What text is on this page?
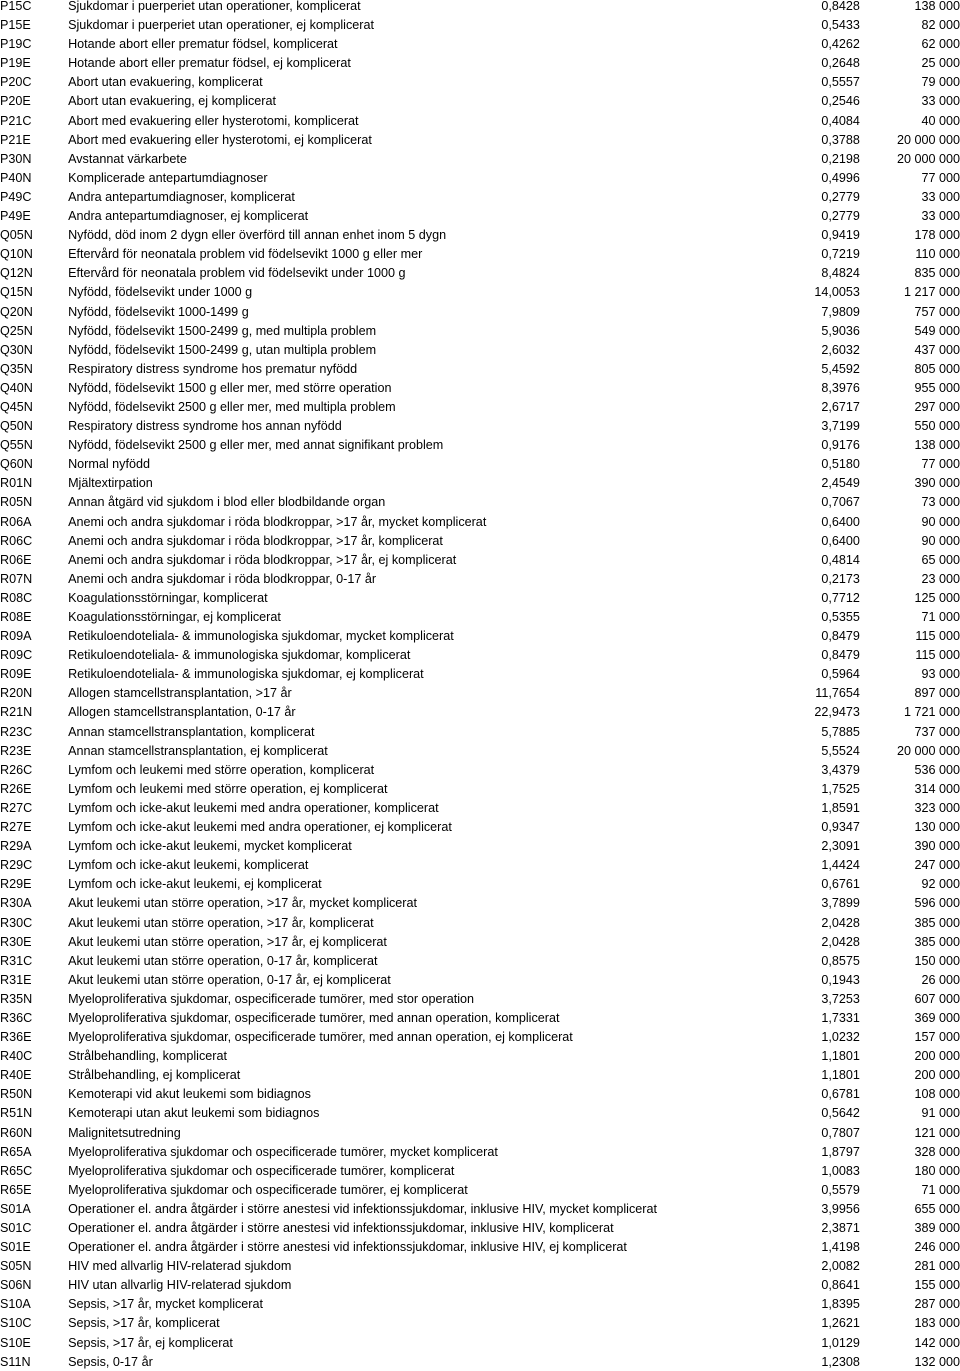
P15C	Sjukdomar i puerperiet utan operationer, komplicerat	0,8428	138 000
P15E	Sjukdomar i puerperiet utan operationer, ej komplicerat	0,5433	82 000
P19C	Hotande abort eller prematur födsel, komplicerat	0,4262	62 000
P19E	Hotande abort eller prematur födsel, ej komplicerat	0,2648	25 000
P20C	Abort utan evakuering, komplicerat	0,5557	79 000
P20E	Abort utan evakuering, ej komplicerat	0,2546	33 000
P21C	Abort med evakuering eller hysterotomi, komplicerat	0,4084	40 000
P21E	Abort med evakuering eller hysterotomi, ej komplicerat	0,3788	20 000 000
P30N	Avstannat värkarbete	0,2198	20 000 000
P40N	Komplicerade antepartumdiagnoser	0,4996	77 000
P49C	Andra antepartumdiagnoser, komplicerat	0,2779	33 000
P49E	Andra antepartumdiagnoser, ej komplicerat	0,2779	33 000
Q05N	Nyfödd, död inom 2 dygn eller överförd till annan enhet inom 5 dygn	0,9419	178 000
Q10N	Eftervård för neonatala problem vid födelsevikt 1000 g eller mer	0,7219	110 000
Q12N	Eftervård för neonatala problem vid födelsevikt under 1000 g	8,4824	835 000
Q15N	Nyfödd, födelsevikt under 1000 g	14,0053	1 217 000
Q20N	Nyfödd, födelsevikt 1000-1499 g	7,9809	757 000
Q25N	Nyfödd, födelsevikt 1500-2499 g, med multipla problem	5,9036	549 000
Q30N	Nyfödd, födelsevikt 1500-2499 g, utan multipla problem	2,6032	437 000
Q35N	Respiratory distress syndrome hos prematur nyfödd	5,4592	805 000
Q40N	Nyfödd, födelsevikt 1500 g eller mer, med större operation	8,3976	955 000
Q45N	Nyfödd, födelsevikt 2500 g eller mer, med multipla problem	2,6717	297 000
Q50N	Respiratory distress syndrome hos annan nyfödd	3,7199	550 000
Q55N	Nyfödd, födelsevikt 2500 g eller mer, med annat signifikant problem	0,9176	138 000
Q60N	Normal nyfödd	0,5180	77 000
R01N	Mjältextirpation	2,4549	390 000
R05N	Annan åtgärd vid sjukdom i blod eller blodbildande organ	0,7067	73 000
R06A	Anemi och andra sjukdomar i röda blodkroppar, >17 år, mycket komplicerat	0,6400	90 000
R06C	Anemi och andra sjukdomar i röda blodkroppar, >17 år, komplicerat	0,6400	90 000
R06E	Anemi och andra sjukdomar i röda blodkroppar, >17 år, ej komplicerat	0,4814	65 000
R07N	Anemi och andra sjukdomar i röda blodkroppar, 0-17 år	0,2173	23 000
R08C	Koagulationsstörningar, komplicerat	0,7712	125 000
R08E	Koagulationsstörningar, ej komplicerat	0,5355	71 000
R09A	Retikuloendoteliala- & immunologiska sjukdomar, mycket komplicerat	0,8479	115 000
R09C	Retikuloendoteliala- & immunologiska sjukdomar, komplicerat	0,8479	115 000
R09E	Retikuloendoteliala- & immunologiska sjukdomar, ej komplicerat	0,5964	93 000
R20N	Allogen stamcellstransplantation, >17 år	11,7654	897 000
R21N	Allogen stamcellstransplantation, 0-17 år	22,9473	1 721 000
R23C	Annan stamcellstransplantation, komplicerat	5,7885	737 000
R23E	Annan stamcellstransplantation, ej komplicerat	5,5524	20 000 000
R26C	Lymfom och leukemi med större operation, komplicerat	3,4379	536 000
R26E	Lymfom och leukemi med större operation, ej komplicerat	1,7525	314 000
R27C	Lymfom och icke-akut leukemi med andra operationer, komplicerat	1,8591	323 000
R27E	Lymfom och icke-akut leukemi med andra operationer, ej komplicerat	0,9347	130 000
R29A	Lymfom och icke-akut leukemi, mycket komplicerat	2,3091	390 000
R29C	Lymfom och icke-akut leukemi, komplicerat	1,4424	247 000
R29E	Lymfom och icke-akut leukemi, ej komplicerat	0,6761	92 000
R30A	Akut leukemi utan större operation, >17 år, mycket komplicerat	3,7899	596 000
R30C	Akut leukemi utan större operation, >17 år, komplicerat	2,0428	385 000
R30E	Akut leukemi utan större operation, >17 år, ej komplicerat	2,0428	385 000
R31C	Akut leukemi utan större operation, 0-17 år, komplicerat	0,8575	150 000
R31E	Akut leukemi utan större operation, 0-17 år, ej komplicerat	0,1943	26 000
R35N	Myeloproliferativa sjukdomar, ospecificerade tumörer, med stor operation	3,7253	607 000
R36C	Myeloproliferativa sjukdomar, ospecificerade tumörer, med annan operation, komplicerat	1,7331	369 000
R36E	Myeloproliferativa sjukdomar, ospecificerade tumörer, med annan operation, ej komplicerat	1,0232	157 000
R40C	Strålbehandling, komplicerat	1,1801	200 000
R40E	Strålbehandling, ej komplicerat	1,1801	200 000
R50N	Kemoterapi vid akut leukemi som bidiagnos	0,6781	108 000
R51N	Kemoterapi utan akut leukemi som bidiagnos	0,5642	91 000
R60N	Malignitetsutredning	0,7807	121 000
R65A	Myeloproliferativa sjukdomar och ospecificerade tumörer, mycket komplicerat	1,8797	328 000
R65C	Myeloproliferativa sjukdomar och ospecificerade tumörer, komplicerat	1,0083	180 000
R65E	Myeloproliferativa sjukdomar och ospecificerade tumörer, ej komplicerat	0,5579	71 000
S01A	Operationer el. andra åtgärder i större anestesi vid infektionssjukdomar, inklusive HIV, mycket komplicerat	3,9956	655 000
S01C	Operationer el. andra åtgärder i större anestesi vid infektionssjukdomar, inklusive HIV, komplicerat	2,3871	389 000
S01E	Operationer el. andra åtgärder i större anestesi vid infektionssjukdomar, inklusive HIV, ej komplicerat	1,4198	246 000
S05N	HIV med allvarlig HIV-relaterad sjukdom	2,0082	281 000
S06N	HIV utan allvarlig HIV-relaterad sjukdom	0,8641	155 000
S10A	Sepsis, >17 år, mycket komplicerat	1,8395	287 000
S10C	Sepsis, >17 år, komplicerat	1,2621	183 000
S10E	Sepsis, >17 år, ej komplicerat	1,0129	142 000
S11N	Sepsis, 0-17 år	1,2308	132 000
